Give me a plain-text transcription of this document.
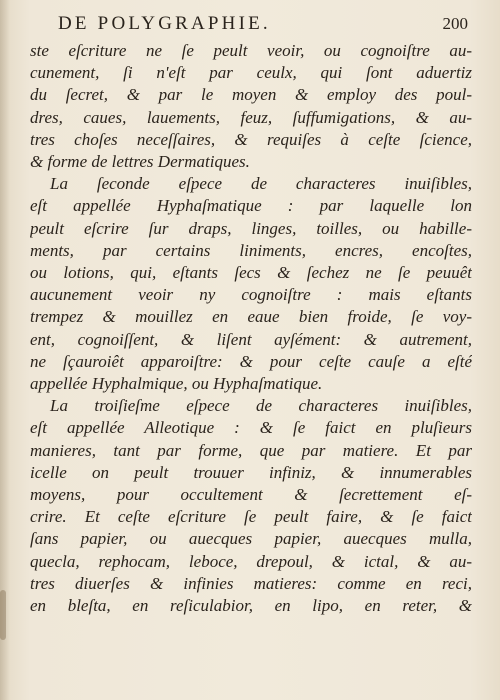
DE POLYGRAPHIE.	200
ste eſcriture ne ſe peult veoir, ou cognoiſtre au-
cunement, ſi n'eſt par ceulx, qui ſont aduertiz
du ſecret, & par le moyen & employ des poul-
dres, caues, lauements, feuz, ſuffumigations, & au-
tres choſes neceſſaires, & requiſes à ceſte ſcience,
& forme de lettres Dermatiques.
La ſeconde eſpece de characteres inuiſibles,
eſt appellée Hyphaſmatique : par laquelle lon
peult eſcrire ſur draps, linges, toilles, ou habille-
ments, par certains liniments, encres, encoſtes,
ou lotions, qui, eſtants ſecs & ſechez ne ſe peuuêt
aucunement veoir ny cognoiſtre : mais eſtants
trempez & mouillez en eaue bien froide, ſe voy-
ent, cognoiſſent, & liſent ayſément: & autrement,
ne ſçauroiêt apparoiſtre: & pour ceſte cauſe a eſté
appellée Hyphalmique, ou Hyphaſmatique.
La troiſieſme eſpece de characteres inuiſibles,
eſt appellée Alleotique : & ſe faict en pluſieurs
manieres, tant par forme, que par matiere. Et par
icelle on peult trouuer infiniz, & innumerables
moyens, pour occultement & ſecrettement eſ-
crire. Et ceſte eſcriture ſe peult faire, & ſe faict
ſans papier, ou auecques papier, auecques mulla,
quecla, rephocam, leboce, drepoul, & ictal, & au-
tres diuerſes & infinies matieres: comme en reci,
en bleſta, en reſiculabior, en lipo, en reter, &
